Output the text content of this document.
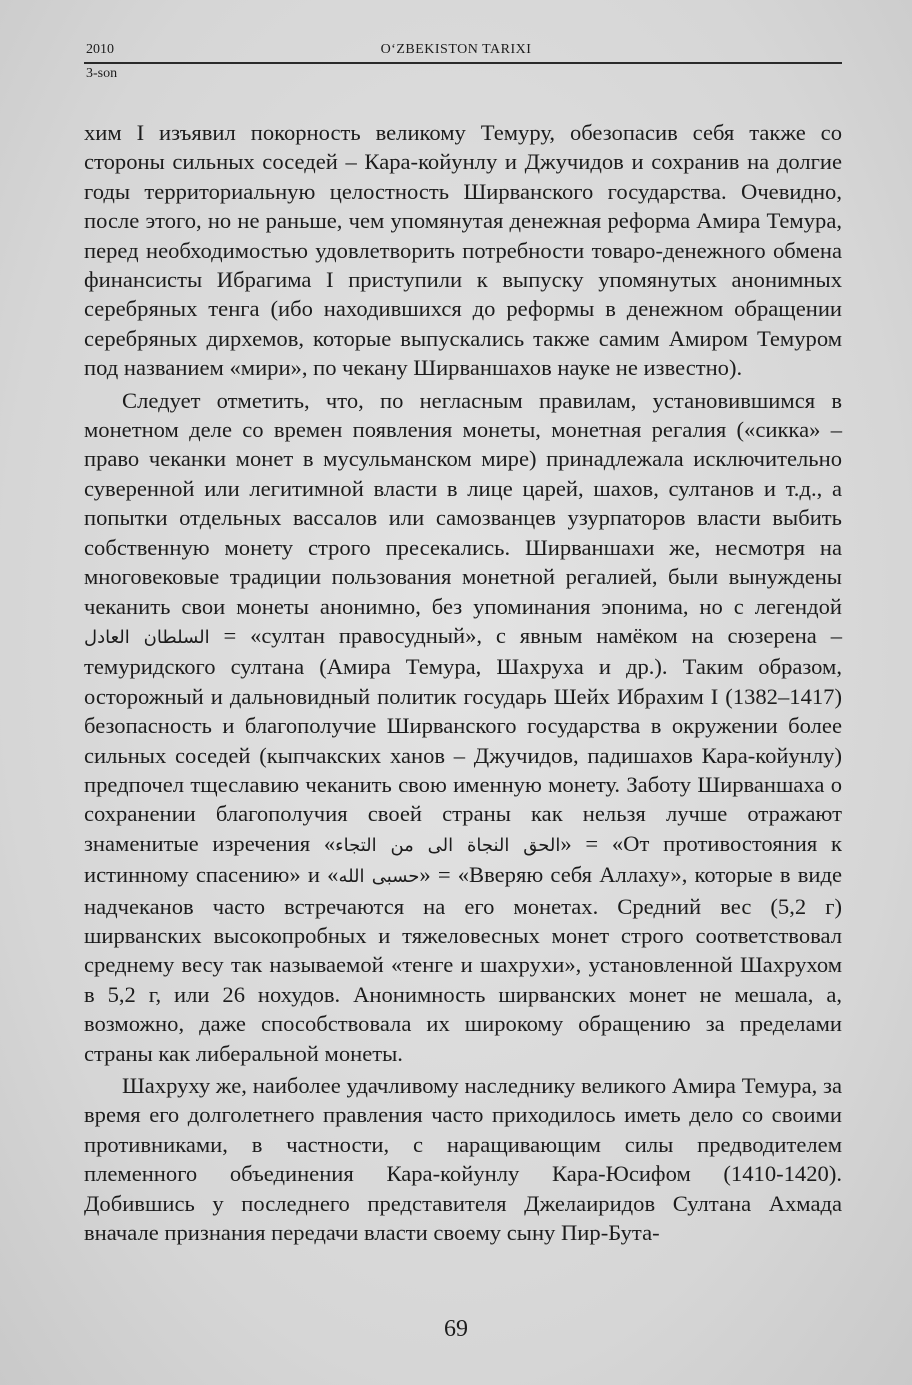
2010	O‘ZBEKISTON TARIXI
3-son

хим I изъявил покорность великому Темуру, обезопасив себя также со стороны сильных соседей – Кара-койунлу и Джучидов и сохранив на долгие годы территориальную целостность Ширванского государства. Очевидно, после этого, но не раньше, чем упомянутая денежная реформа Амира Темура, перед необходимостью удовлетворить потребности товаро-денежного обмена финансисты Ибрагима I приступили к выпуску упомянутых анонимных серебряных тенга (ибо находившихся до реформы в денежном обращении серебряных дирхемов, которые выпускались также самим Амиром Темуром под названием «мири», по чекану Ширваншахов науке не известно).

Следует отметить, что, по негласным правилам, установившимся в монетном деле со времен появления монеты, монетная регалия («сикка» – право чеканки монет в мусульманском мире) принадлежала исключительно суверенной или легитимной власти в лице царей, шахов, султанов и т.д., а попытки отдельных вассалов или самозванцев узурпаторов власти выбить собственную монету строго пресекались. Ширваншахи же, несмотря на многовековые традиции пользования монетной регалией, были вынуждены чеканить свои монеты анонимно, без упоминания эпонима, но с легендой السلطان العادل = «султан правосудный», с явным намёком на сюзерена – темуридского султана (Амира Темура, Шахруха и др.). Таким образом, осторожный и дальновидный политик государь Шейх Ибрахим I (1382–1417) безопасность и благополучие Ширванского государства в окружении более сильных соседей (кыпчакских ханов – Джучидов, падишахов Кара-койунлу) предпочел тщеславию чеканить свою именную монету. Заботу Ширваншаха о сохранении благополучия своей страны как нельзя лучше отражают знаменитые изречения «الحق النجاة الى من التجاء» = «От противостояния к истинному спасению» и «حسبی الله» = «Вверяю себя Аллаху», которые в виде надчеканов часто встречаются на его монетах. Средний вес (5,2 г) ширванских высокопробных и тяжеловесных монет строго соответствовал среднему весу так называемой «тенге и шахрухи», установленной Шахрухом в 5,2 г, или 26 нохудов. Анонимность ширванских монет не мешала, а, возможно, даже способствовала их широкому обращению за пределами страны как либеральной монеты.

Шахруху же, наиболее удачливому наследнику великого Амира Темура, за время его долголетнего правления часто приходилось иметь дело со своими противниками, в частности, с наращивающим силы предводителем племенного объединения Кара-койунлу Кара-Юсифом (1410-1420). Добившись у последнего представителя Джелаиридов Султана Ахмада вначале признания передачи власти своему сыну Пир-Бута-

69
